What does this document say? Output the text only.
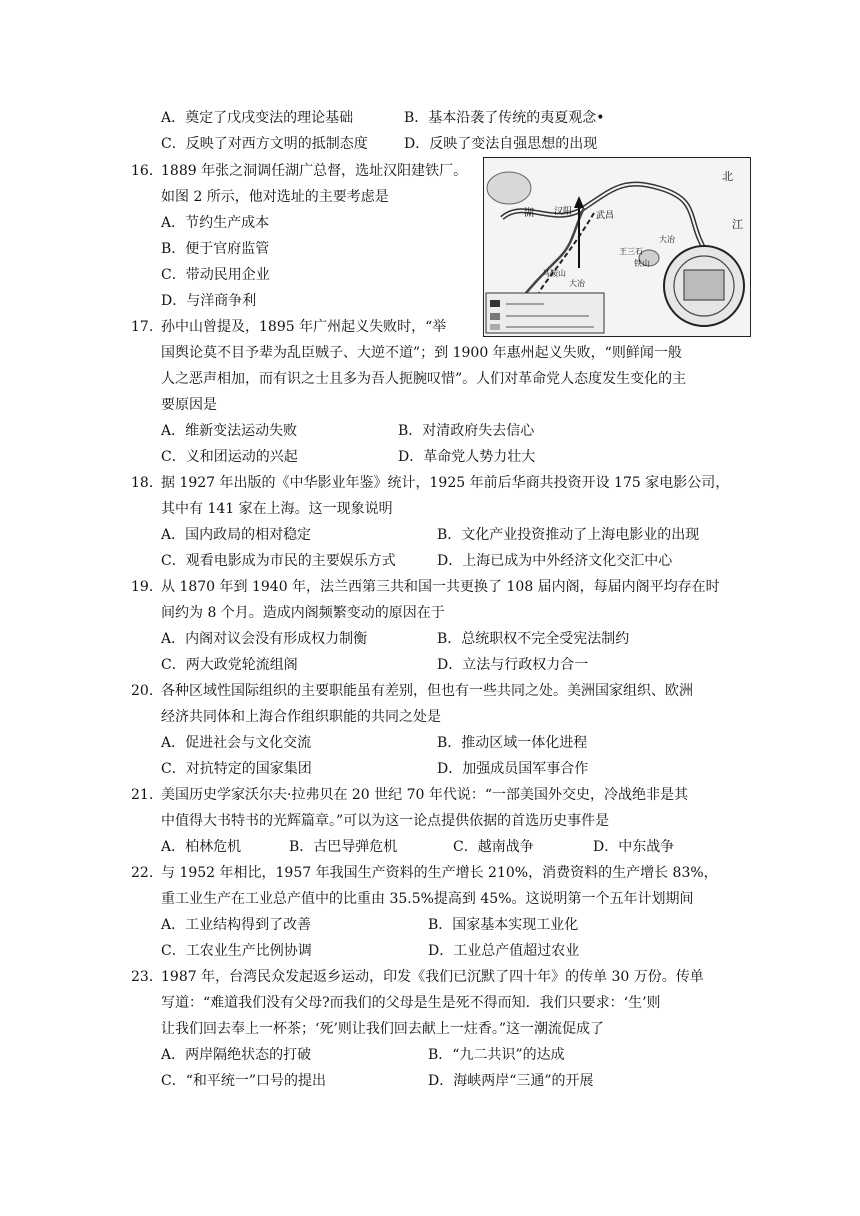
A．奠定了戊戌变法的理论基础	B．基本沿袭了传统的夷夏观念•
C．反映了对西方文明的抵制态度	D．反映了变法自强思想的出现
16. 1889 年张之洞调任湖广总督，选址汉阳建铁厂。
如图 2 所示，他对选址的主要考虑是
A．节约生产成本
B．便于官府监管
C．带动民用企业
D．与洋商争利
湖 汉阳	武昌
北
江
马鞍山
大冶
王三石
铁山
大冶
17. 孙中山曾提及，1895 年广州起义失败时，“举
国舆论莫不目予辈为乱臣贼子、大逆不道”；到 1900 年惠州起义失败，“则鲜闻一般
人之恶声相加，而有识之士且多为吾人扼腕叹惜”。人们对革命党人态度发生变化的主
要原因是
A．维新变法运动失败	B．对清政府失去信心
C．义和团运动的兴起	D．革命党人势力壮大
18. 据 1927 年出版的《中华影业年鉴》统计，1925 年前后华商共投资开设 175 家电影公司，
其中有 141 家在上海。这一现象说明
A．国内政局的相对稳定	B．文化产业投资推动了上海电影业的出现
C．观看电影成为市民的主要娱乐方式	D．上海已成为中外经济文化交汇中心
19. 从 1870 年到 1940 年，法兰西第三共和国一共更换了 108 届内阁，每届内阁平均存在时
间约为 8 个月。造成内阁频繁变动的原因在于
A．内阁对议会没有形成权力制衡	B．总统职权不完全受宪法制约
C．两大政党轮流组阁	D．立法与行政权力合一
20. 各种区域性国际组织的主要职能虽有差别，但也有一些共同之处。美洲国家组织、欧洲
经济共同体和上海合作组织职能的共同之处是
A．促进社会与文化交流	B．推动区域一体化进程
C．对抗特定的国家集团	D．加强成员国军事合作
21. 美国历史学家沃尔夫·拉弗贝在 20 世纪 70 年代说：“一部美国外交史，冷战绝非是其
中值得大书特书的光辉篇章。”可以为这一论点提供依据的首选历史事件是
A．柏林危机	B．古巴导弹危机	C．越南战争	D．中东战争
22. 与 1952 年相比，1957 年我国生产资料的生产增长 210%，消费资料的生产增长 83%，
重工业生产在工业总产值中的比重由 35.5%提高到 45%。这说明第一个五年计划期间
A．工业结构得到了改善	B．国家基本实现工业化
C．工农业生产比例协调	D．工业总产值超过农业
23. 1987 年，台湾民众发起返乡运动，印发《我们已沉默了四十年》的传单 30 万份。传单
写道：“难道我们没有父母?而我们的父母是生是死不得而知．我们只要求：‘生’则
让我们回去奉上一杯茶；‘死’则让我们回去献上一炷香。”这一潮流促成了
A．两岸隔绝状态的打破	B．“九二共识”的达成
C．“和平统一”口号的提出	D．海峡两岸“三通”的开展
